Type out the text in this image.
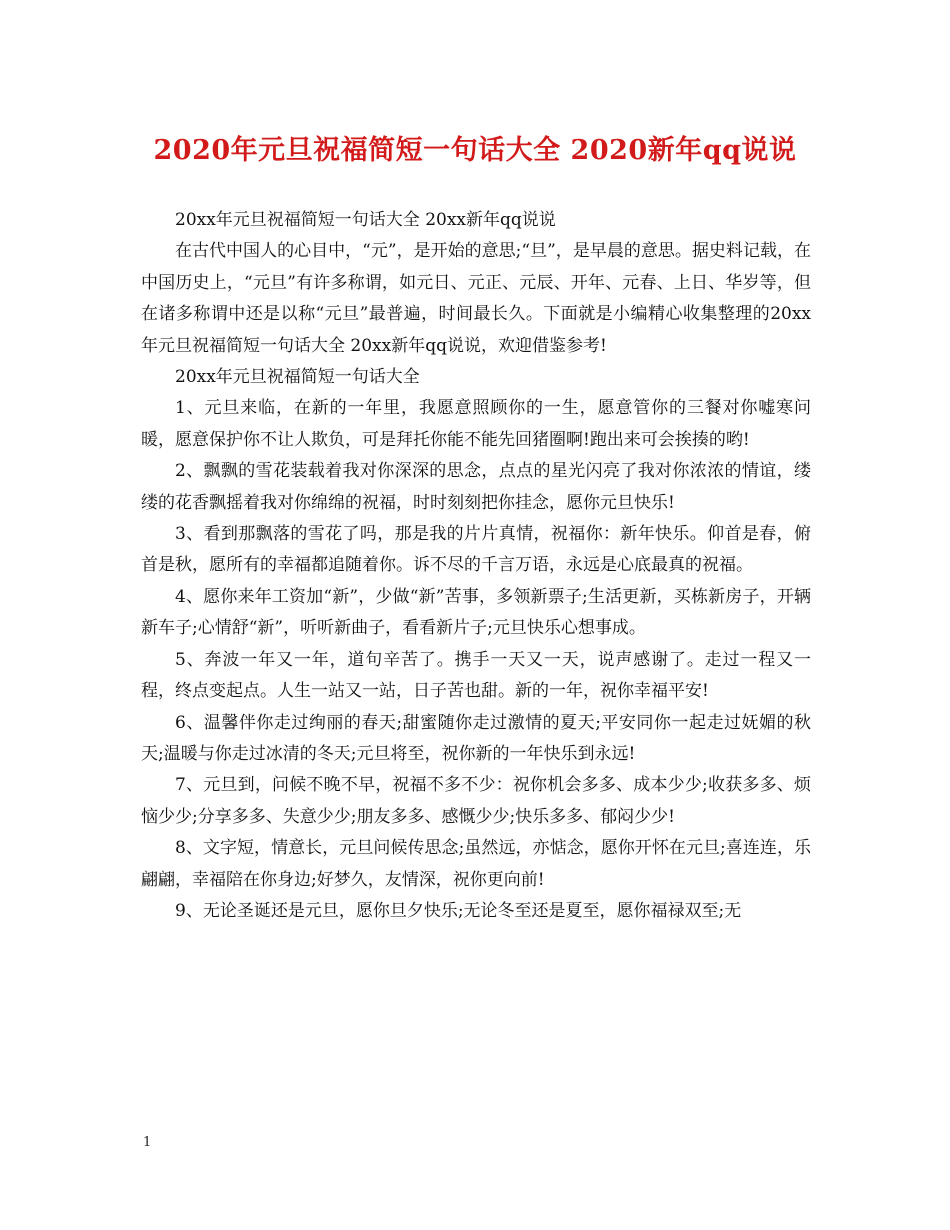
2020年元旦祝福简短一句话大全 2020新年qq说说

20xx年元旦祝福简短一句话大全 20xx新年qq说说

在古代中国人的心目中，“元”，是开始的意思;“旦”，是早晨的意思。据史料记载，在中国历史上，“元旦”有许多称谓，如元日、元正、元辰、开年、元春、上日、华岁等，但在诸多称谓中还是以称“元旦”最普遍，时间最长久。下面就是小编精心收集整理的20xx年元旦祝福简短一句话大全 20xx新年qq说说，欢迎借鉴参考!

20xx年元旦祝福简短一句话大全

1、元旦来临，在新的一年里，我愿意照顾你的一生，愿意管你的三餐对你嘘寒问暖，愿意保护你不让人欺负，可是拜托你能不能先回猪圈啊!跑出来可会挨揍的哟!

2、飘飘的雪花装载着我对你深深的思念，点点的星光闪亮了我对你浓浓的情谊，缕缕的花香飘摇着我对你绵绵的祝福，时时刻刻把你挂念，愿你元旦快乐!

3、看到那飘落的雪花了吗，那是我的片片真情，祝福你：新年快乐。仰首是春，俯首是秋，愿所有的幸福都追随着你。诉不尽的千言万语，永远是心底最真的祝福。

4、愿你来年工资加“新”，少做“新”苦事，多领新票子;生活更新，买栋新房子，开辆新车子;心情舒“新”，听听新曲子，看看新片子;元旦快乐心想事成。

5、奔波一年又一年，道句辛苦了。携手一天又一天，说声感谢了。走过一程又一程，终点变起点。人生一站又一站，日子苦也甜。新的一年，祝你幸福平安!

6、温馨伴你走过绚丽的春天;甜蜜随你走过激情的夏天;平安同你一起走过妩媚的秋天;温暖与你走过冰清的冬天;元旦将至，祝你新的一年快乐到永远!

7、元旦到，问候不晚不早，祝福不多不少：祝你机会多多、成本少少;收获多多、烦恼少少;分享多多、失意少少;朋友多多、感慨少少;快乐多多、郁闷少少!

8、文字短，情意长，元旦问候传思念;虽然远，亦惦念，愿你开怀在元旦;喜连连，乐翩翩，幸福陪在你身边;好梦久，友情深，祝你更向前!

9、无论圣诞还是元旦，愿你旦夕快乐;无论冬至还是夏至，愿你福禄双至;无

1
